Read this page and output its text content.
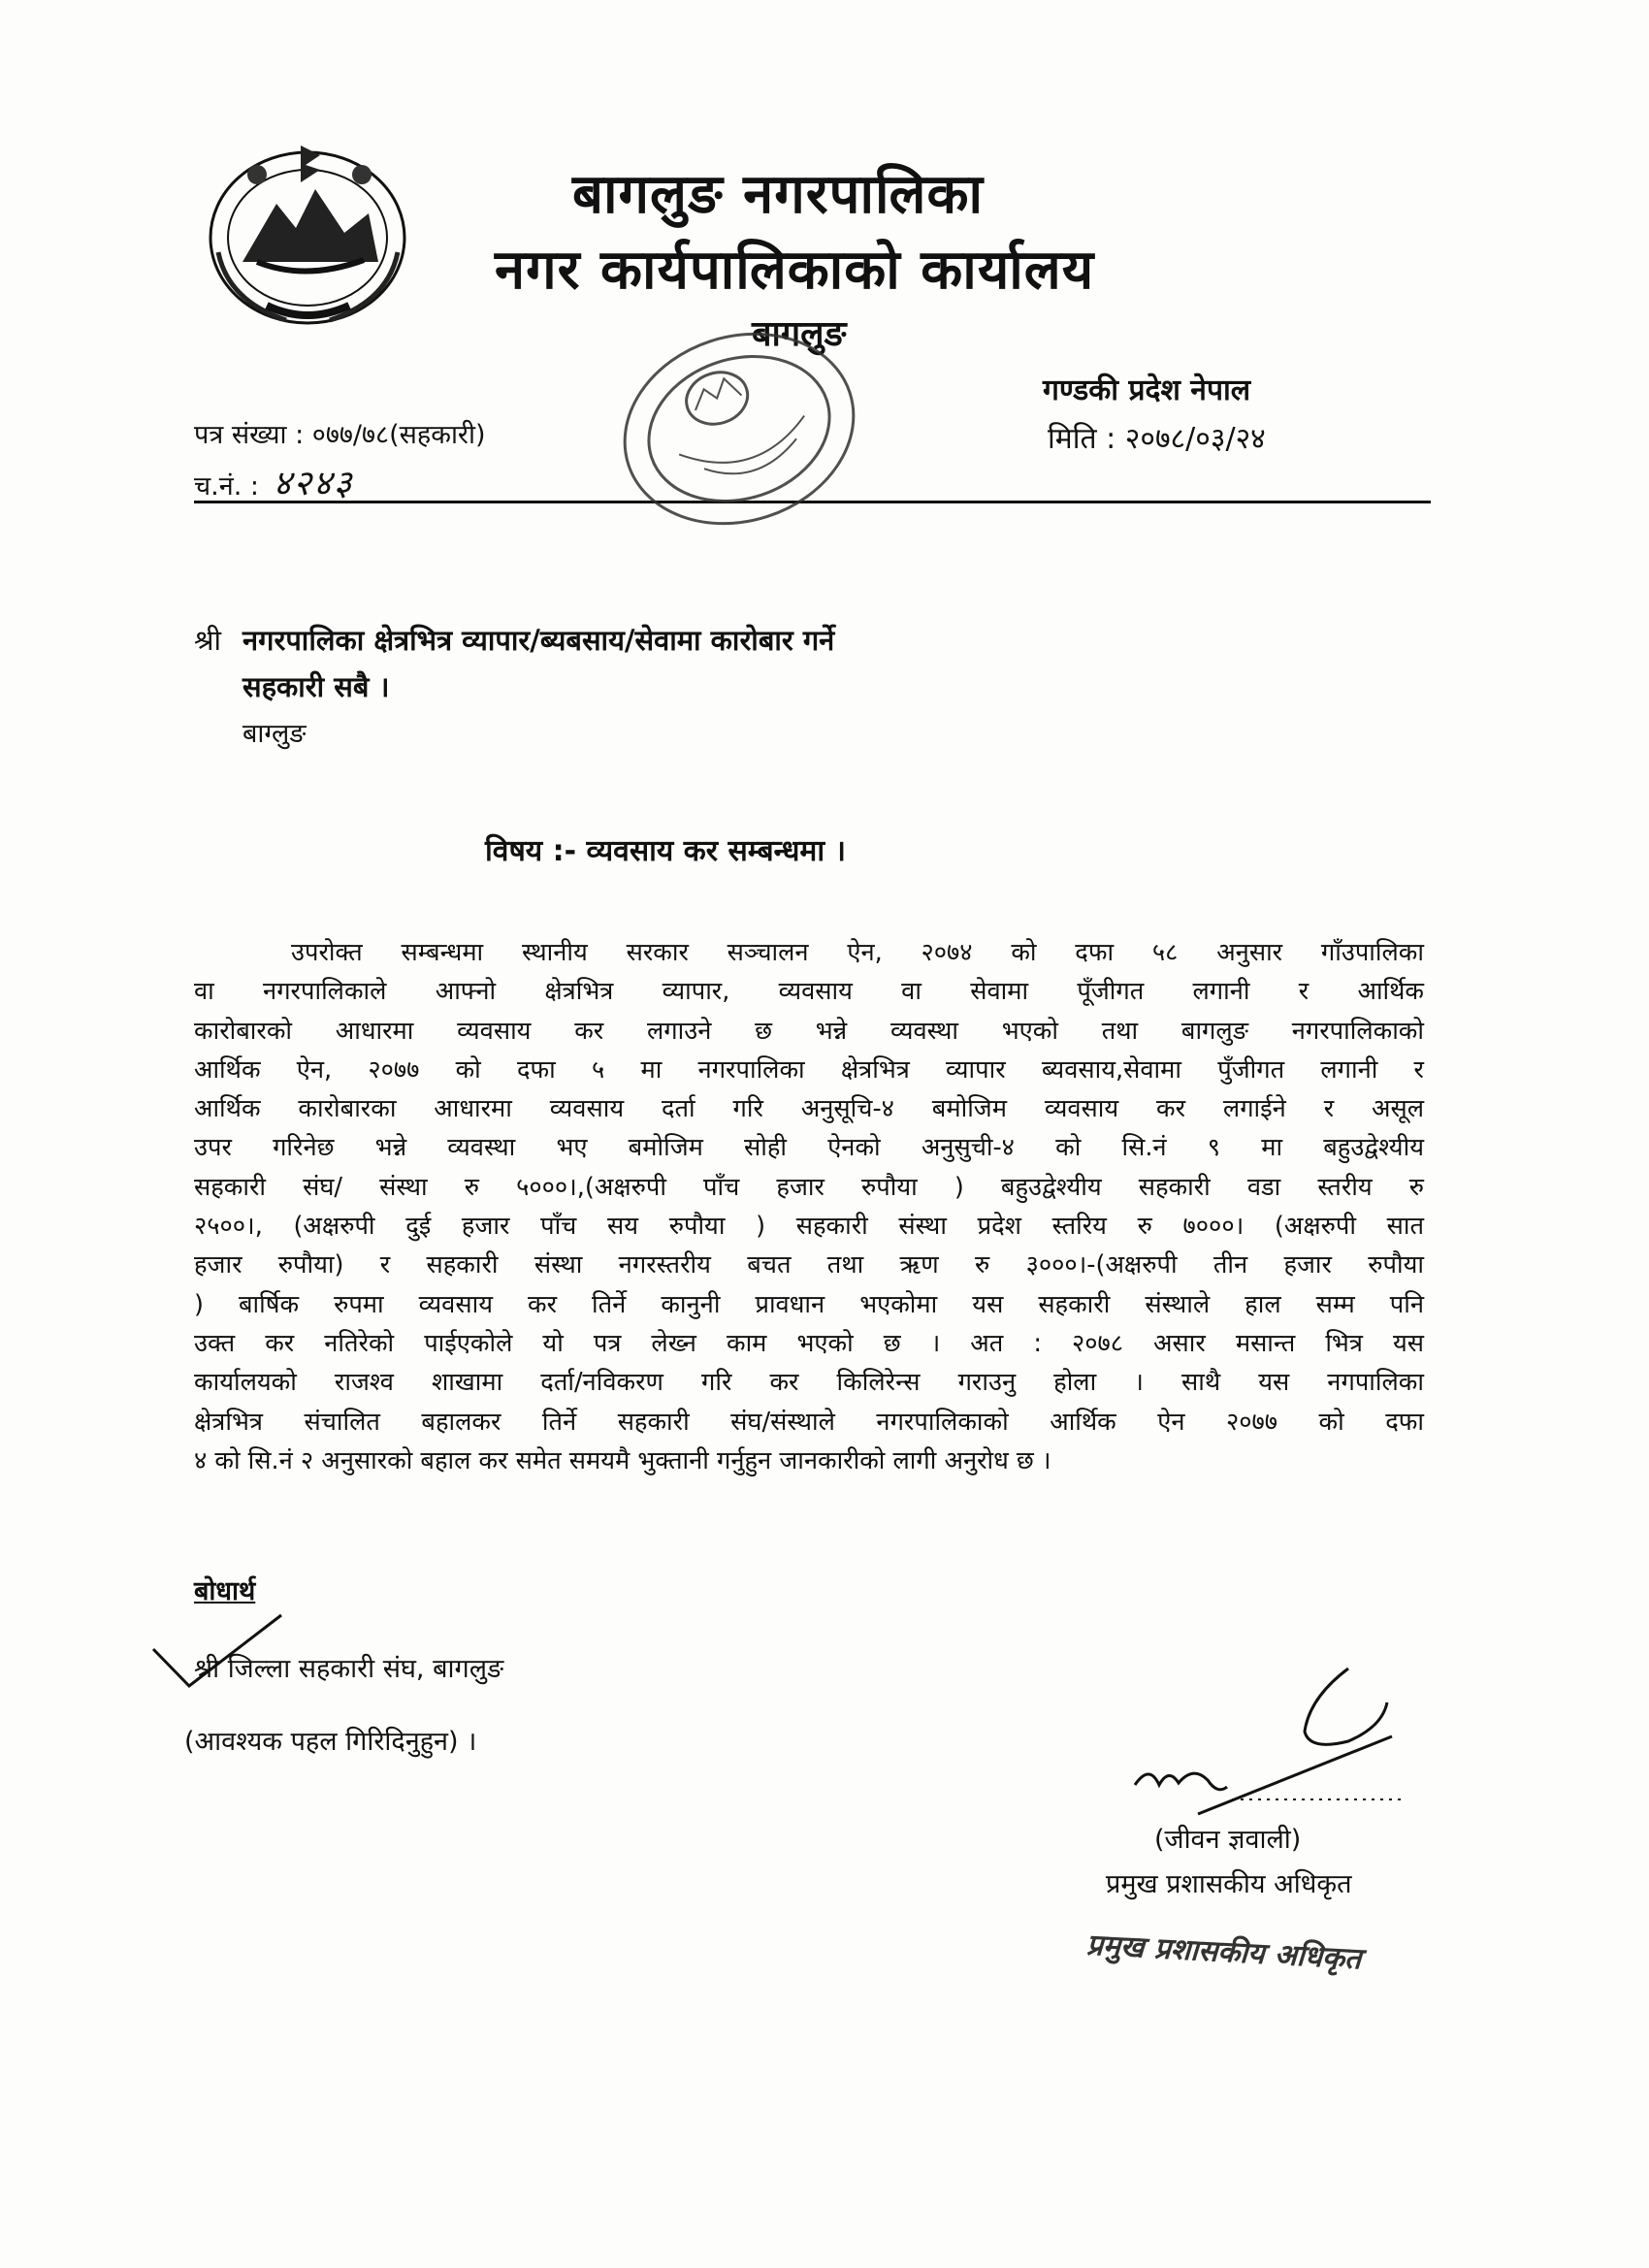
बागलुङ नगरपालिका
नगर कार्यपालिकाको कार्यालय
बागलुङ
गण्डकी प्रदेश नेपाल
मिति : २०७८/०३/२४
पत्र संख्या : ०७७/७८(सहकारी)
च.नं. : ४२४३
श्री नगरपालिका क्षेत्रभित्र व्यापार/ब्यबसाय/सेवामा कारोबार गर्ने
सहकारी सबै ।
बाग्लुङ
विषय :- व्यवसाय कर सम्बन्धमा ।
उपरोक्त सम्बन्धमा स्थानीय सरकार सञ्चालन ऐन, २०७४ को दफा ५८ अनुसार गाँउपालिका
वा नगरपालिकाले आफ्नो क्षेत्रभित्र व्यापार, व्यवसाय वा सेवामा पूँजीगत लगानी र आर्थिक
कारोबारको आधारमा व्यवसाय कर लगाउने छ भन्ने व्यवस्था भएको तथा बागलुङ नगरपालिकाको
आर्थिक ऐन, २०७७ को दफा ५ मा नगरपालिका क्षेत्रभित्र व्यापार ब्यवसाय,सेवामा पुँजीगत लगानी र
आर्थिक कारोबारका आधारमा व्यवसाय दर्ता गरि अनुसूचि-४ बमोजिम व्यवसाय कर लगाईने र असूल
उपर गरिनेछ भन्ने व्यवस्था भए बमोजिम सोही ऐनको अनुसुची-४ को सि.नं ९ मा बहुउद्वेश्यीय
सहकारी संघ/ संस्था रु ५०००।,(अक्षरुपी पाँच हजार रुपौया ) बहुउद्वेश्यीय सहकारी वडा स्तरीय रु
२५००।, (अक्षरुपी दुई हजार पाँच सय रुपौया ) सहकारी संस्था प्रदेश स्तरिय रु ७०००। (अक्षरुपी सात
हजार रुपौया) र सहकारी संस्था नगरस्तरीय बचत तथा ऋण रु ३०००।-(अक्षरुपी तीन हजार रुपौया
) बार्षिक रुपमा व्यवसाय कर तिर्ने कानुनी प्रावधान भएकोमा यस सहकारी संस्थाले हाल सम्म पनि
उक्त कर नतिरेको पाईएकोले यो पत्र लेख्न काम भएको छ । अत : २०७८ असार मसान्त भित्र यस
कार्यालयको राजश्व शाखामा दर्ता/नविकरण गरि कर किलिरेन्स गराउनु होला । साथै यस नगपालिका
क्षेत्रभित्र संचालित बहालकर तिर्ने सहकारी संघ/संस्थाले नगरपालिकाको आर्थिक ऐन २०७७ को दफा
४ को सि.नं २ अनुसारको बहाल कर समेत समयमै भुक्तानी गर्नुहुन जानकारीको लागी अनुरोध छ ।
बोधार्थ
श्री जिल्ला सहकारी संघ, बागलुङ
(आवश्यक पहल गिरिदिनुहुन) ।
(जीवन ज्ञवाली)
प्रमुख प्रशासकीय अधिकृत
प्रमुख प्रशासकीय अधिकृत
